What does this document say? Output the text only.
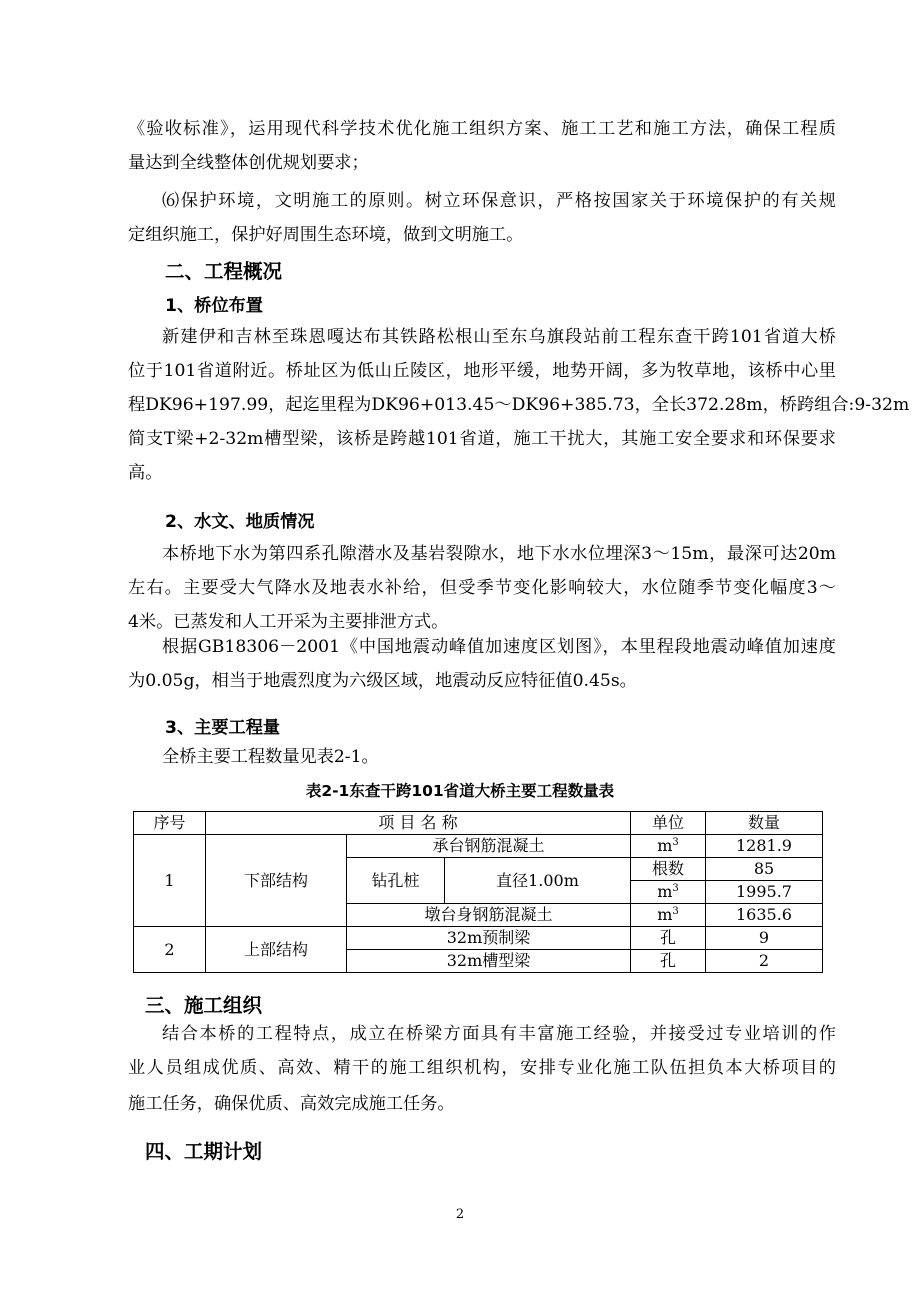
《验收标准》，运用现代科学技术优化施工组织方案、施工工艺和施工方法，确保工程质

量达到全线整体创优规划要求；

⑹保护环境，文明施工的原则。树立环保意识，严格按国家关于环境保护的有关规

定组织施工，保护好周围生态环境，做到文明施工。

二、工程概况
1、桥位布置

新建伊和吉林至珠恩嘎达布其铁路松根山至东乌旗段站前工程东查干跨101省道大桥

位于101省道附近。桥址区为低山丘陵区，地形平缓，地势开阔，多为牧草地，该桥中心里

程DK96+197.99，起迄里程为DK96+013.45～DK96+385.73，全长372.28m，桥跨组合:9-32m

简支T梁+2-32m槽型梁，该桥是跨越101省道，施工干扰大，其施工安全要求和环保要求

高。

2、水文、地质情况

本桥地下水为第四系孔隙潜水及基岩裂隙水，地下水水位埋深3～15m，最深可达20m

左右。主要受大气降水及地表水补给，但受季节变化影响较大，水位随季节变化幅度3～

4米。已蒸发和人工开采为主要排泄方式。

根据GB18306－2001《中国地震动峰值加速度区划图》，本里程段地震动峰值加速度

为0.05g，相当于地震烈度为六级区域，地震动反应特征值0.45s。

3、主要工程量

全桥主要工程数量见表2-1。

表2-1东查干跨101省道大桥主要工程数量表
序号	项 目 名 称			单位	数量
1	下部结构	承台钢筋混凝土		$m^3$	1281.9
		钻孔桩	直径1.00m	根数	85
				$m^3$	1995.7
		墩台身钢筋混凝土		$m^3$	1635.6
2	上部结构	32m预制梁		孔	9
		32m槽型梁		孔	2
三、施工组织

结合本桥的工程特点，成立在桥梁方面具有丰富施工经验，并接受过专业培训的作

业人员组成优质、高效、精干的施工组织机构，安排专业化施工队伍担负本大桥项目的

施工任务，确保优质、高效完成施工任务。

四、工期计划
2
